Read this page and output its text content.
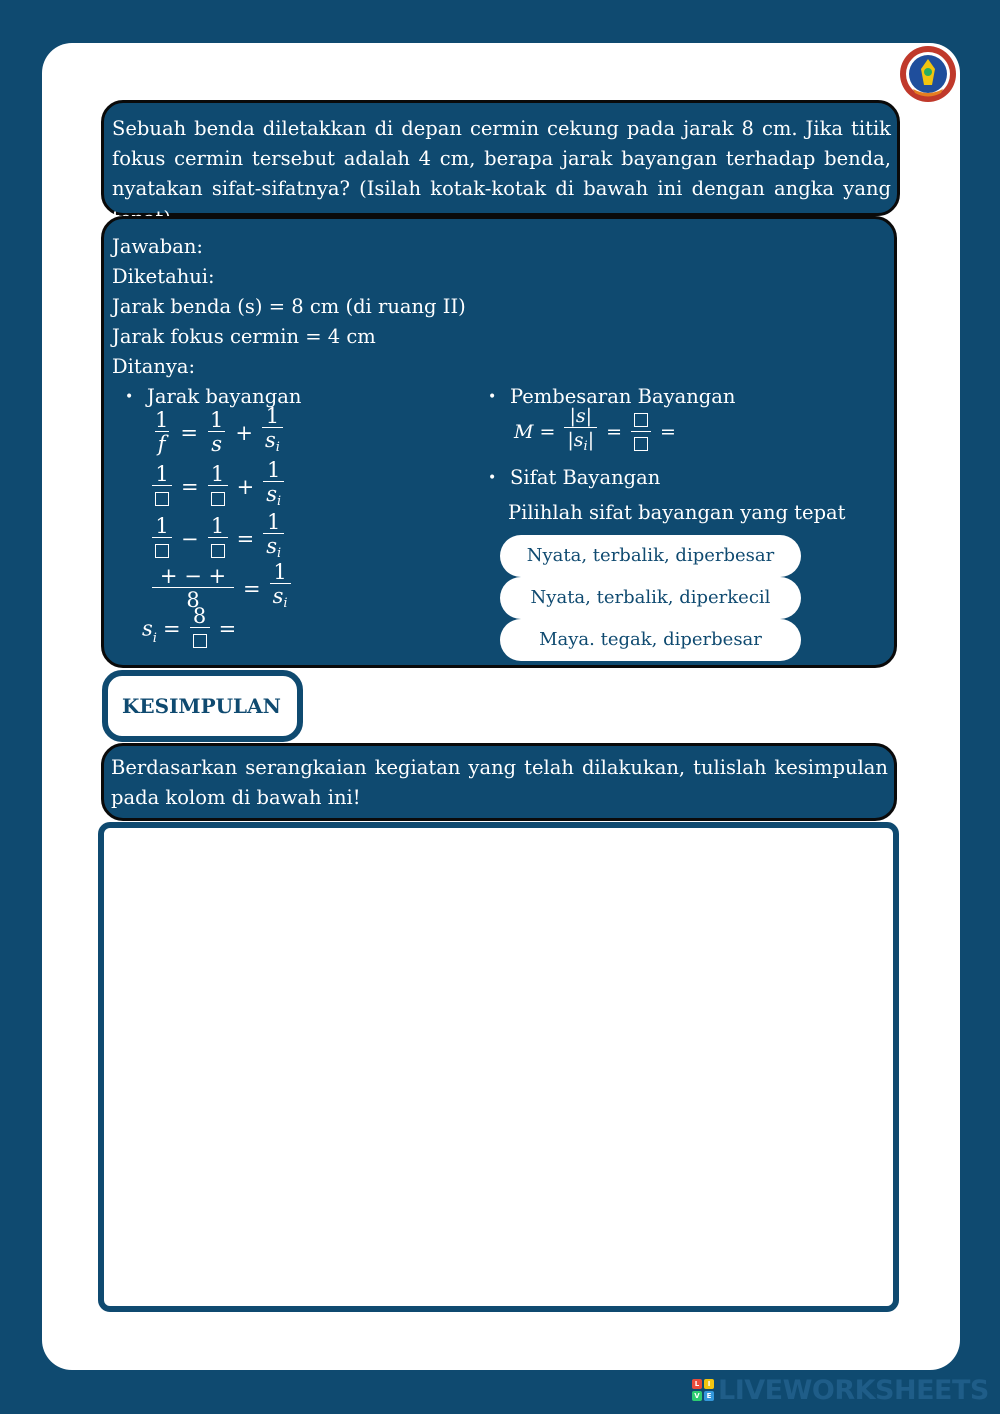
Sebuah benda diletakkan di depan cermin cekung pada jarak 8 cm. Jika titik fokus cermin tersebut adalah 4 cm, berapa jarak bayangan terhadap benda, nyatakan sifat-sifatnya? (Isilah kotak-kotak di bawah ini dengan angka yang

Jawaban:
Diketahui:
Jarak benda (s) = 8 cm (di ruang II)
Jarak fokus cermin = 4 cm
Ditanya:
• Jarak bayangan
$\frac{1}{f} = \frac{1}{s} + \frac{1}{s_i}$
1
=
1
+ $\frac{1}{s_i}$
1
−
1
= $\frac{1}{s_i}$
$\frac{+ - +}{8} = \frac{1}{s_i}$
$s_i$ =
8
=
• Pembesaran Bayangan
$M = \frac{|s|}{|s_i|}$ = =
• Sifat Bayangan
Pilihlah sifat bayangan yang tepat
Nyata, terbalik, diperbesar
Nyata, terbalik, diperkecil
Maya. tegak, diperbesar
KESIMPULAN

Berdasarkan serangkaian kegiatan yang telah dilakukan, tulislah kesimpulan pada kolom di bawah ini!

L	I
V E LIVEWORKSHEETS
